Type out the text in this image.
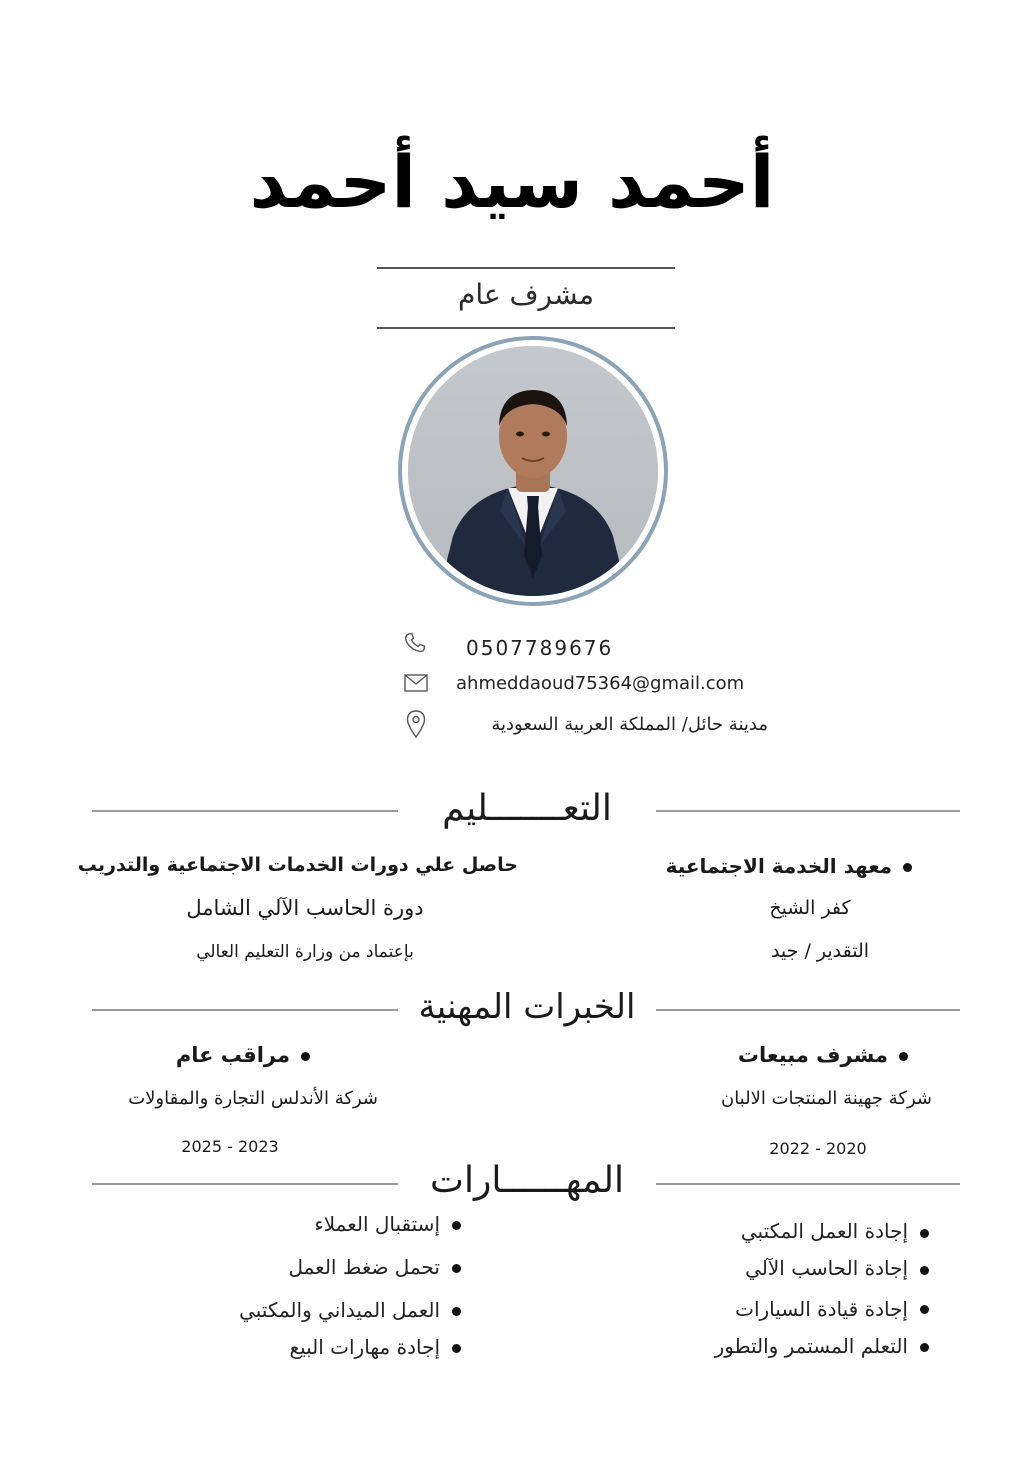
أحمد سيد أحمد
مشرف عام
0507789676
ahmeddaoud75364@gmail.com
مدينة حائل/ المملكة العربية السعودية
التعـــــــليم
معهد الخدمة الاجتماعية
كفر الشيخ
التقدير / جيد
حاصل علي دورات الخدمات الاجتماعية والتدريب
دورة الحاسب الآلي الشامل
بإعتماد من وزارة التعليم العالي
الخبرات المهنية
مشرف مبيعات
شركة جهينة المنتجات الالبان
2020 - 2022
مراقب عام
شركة الأندلس التجارة والمقاولات
2023 - 2025
المهــــــارات
إجادة العمل المكتبي
إجادة الحاسب الآلي
إجادة قيادة السيارات
التعلم المستمر والتطور
إستقبال العملاء
تحمل ضغط العمل
العمل الميداني والمكتبي
إجادة مهارات البيع
